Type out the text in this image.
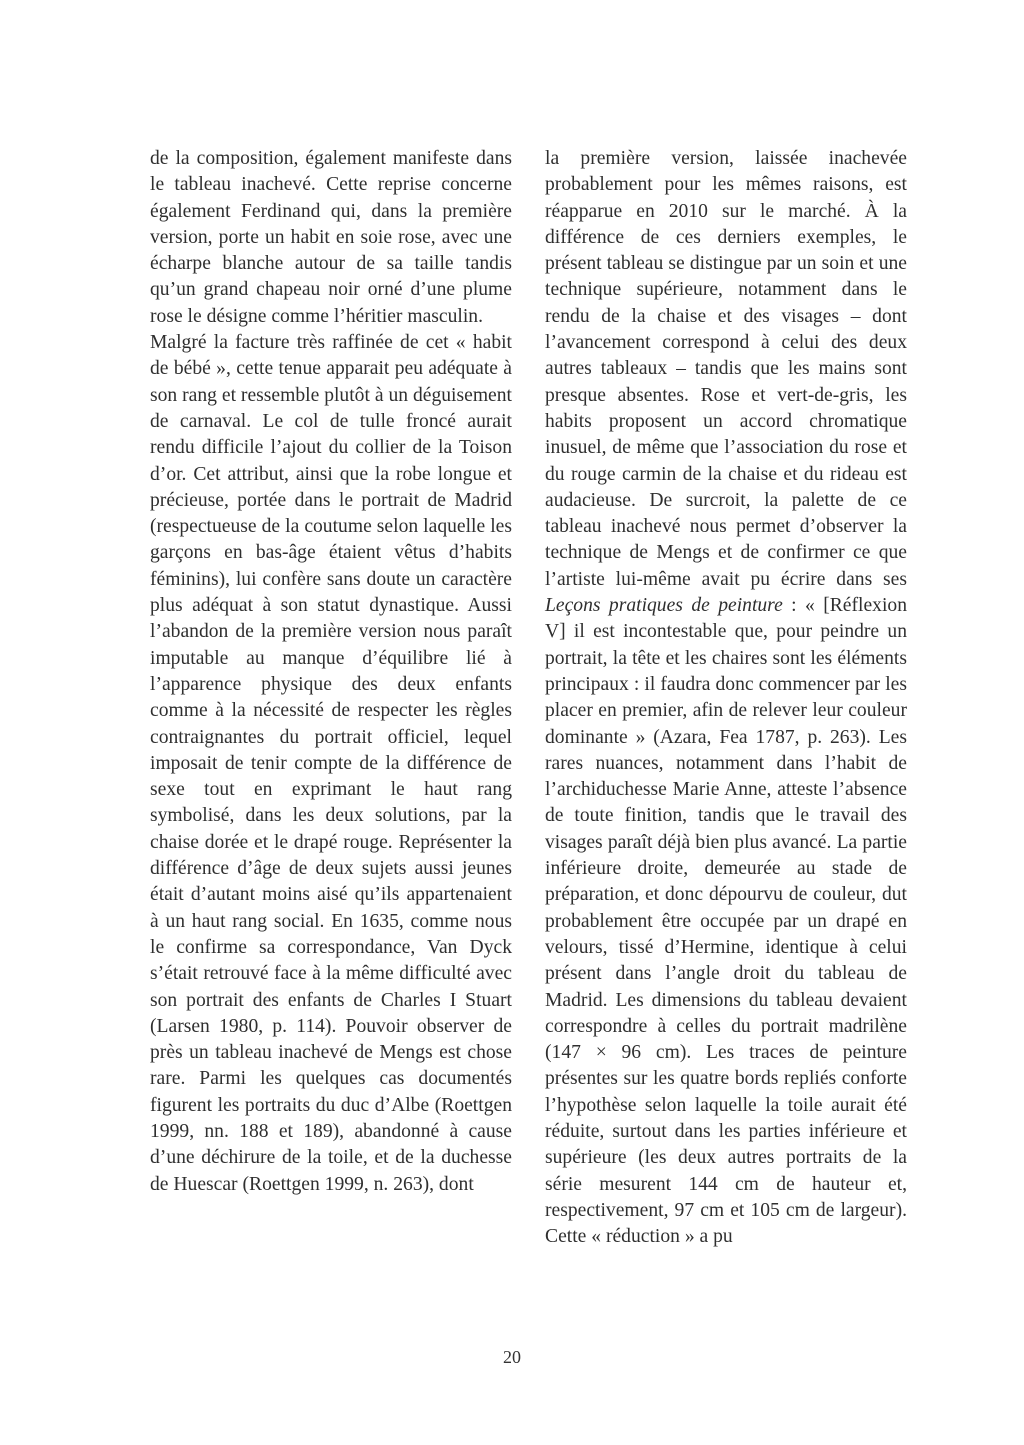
de la composition, également manifeste dans le tableau inachevé. Cette reprise concerne également Ferdinand qui, dans la première version, porte un habit en soie rose, avec une écharpe blanche autour de sa taille tandis qu’un grand chapeau noir orné d’une plume rose le désigne comme l’héritier masculin.

Malgré la facture très raffinée de cet « habit de bébé », cette tenue apparait peu adéquate à son rang et ressemble plutôt à un déguisement de carnaval. Le col de tulle froncé aurait rendu difficile l’ajout du collier de la Toison d’or. Cet attribut, ainsi que la robe longue et précieuse, portée dans le portrait de Madrid (respectueuse de la coutume selon laquelle les garçons en bas-âge étaient vêtus d’habits féminins), lui confère sans doute un caractère plus adéquat à son statut dynastique. Aussi l’abandon de la première version nous paraît imputable au manque d’équilibre lié à l’apparence physique des deux enfants comme à la nécessité de respecter les règles contraignantes du portrait officiel, lequel imposait de tenir compte de la différence de sexe tout en exprimant le haut rang symbolisé, dans les deux solutions, par la chaise dorée et le drapé rouge. Représenter la différence d’âge de deux sujets aussi jeunes était d’autant moins aisé qu’ils appartenaient à un haut rang social. En 1635, comme nous le confirme sa correspondance, Van Dyck s’était retrouvé face à la même difficulté avec son portrait des enfants de Charles I Stuart (Larsen 1980, p. 114). Pouvoir observer de près un tableau inachevé de Mengs est chose rare. Parmi les quelques cas documentés figurent les portraits du duc d’Albe (Roettgen 1999, nn. 188 et 189), abandonné à cause d’une déchirure de la toile, et de la duchesse de Huescar (Roettgen 1999, n. 263), dont

la première version, laissée inachevée probablement pour les mêmes raisons, est réapparue en 2010 sur le marché. À la différence de ces derniers exemples, le présent tableau se distingue par un soin et une technique supérieure, notamment dans le rendu de la chaise et des visages – dont l’avancement correspond à celui des deux autres tableaux – tandis que les mains sont presque absentes. Rose et vert-de-gris, les habits proposent un accord chromatique inusuel, de même que l’association du rose et du rouge carmin de la chaise et du rideau est audacieuse. De surcroit, la palette de ce tableau inachevé nous permet d’observer la technique de Mengs et de confirmer ce que l’artiste lui-même avait pu écrire dans ses Leçons pratiques de peinture : « [Réflexion V] il est incontestable que, pour peindre un portrait, la tête et les chaires sont les éléments principaux : il faudra donc commencer par les placer en premier, afin de relever leur couleur dominante » (Azara, Fea 1787, p. 263). Les rares nuances, notamment dans l’habit de l’archiduchesse Marie Anne, atteste l’absence de toute finition, tandis que le travail des visages paraît déjà bien plus avancé. La partie inférieure droite, demeurée au stade de préparation, et donc dépourvu de couleur, dut probablement être occupée par un drapé en velours, tissé d’Hermine, identique à celui présent dans l’angle droit du tableau de Madrid. Les dimensions du tableau devaient correspondre à celles du portrait madrilène (147 × 96 cm). Les traces de peinture présentes sur les quatre bords repliés conforte l’hypothèse selon laquelle la toile aurait été réduite, surtout dans les parties inférieure et supérieure (les deux autres portraits de la série mesurent 144 cm de hauteur et, respectivement, 97 cm et 105 cm de largeur). Cette « réduction » a pu

20
